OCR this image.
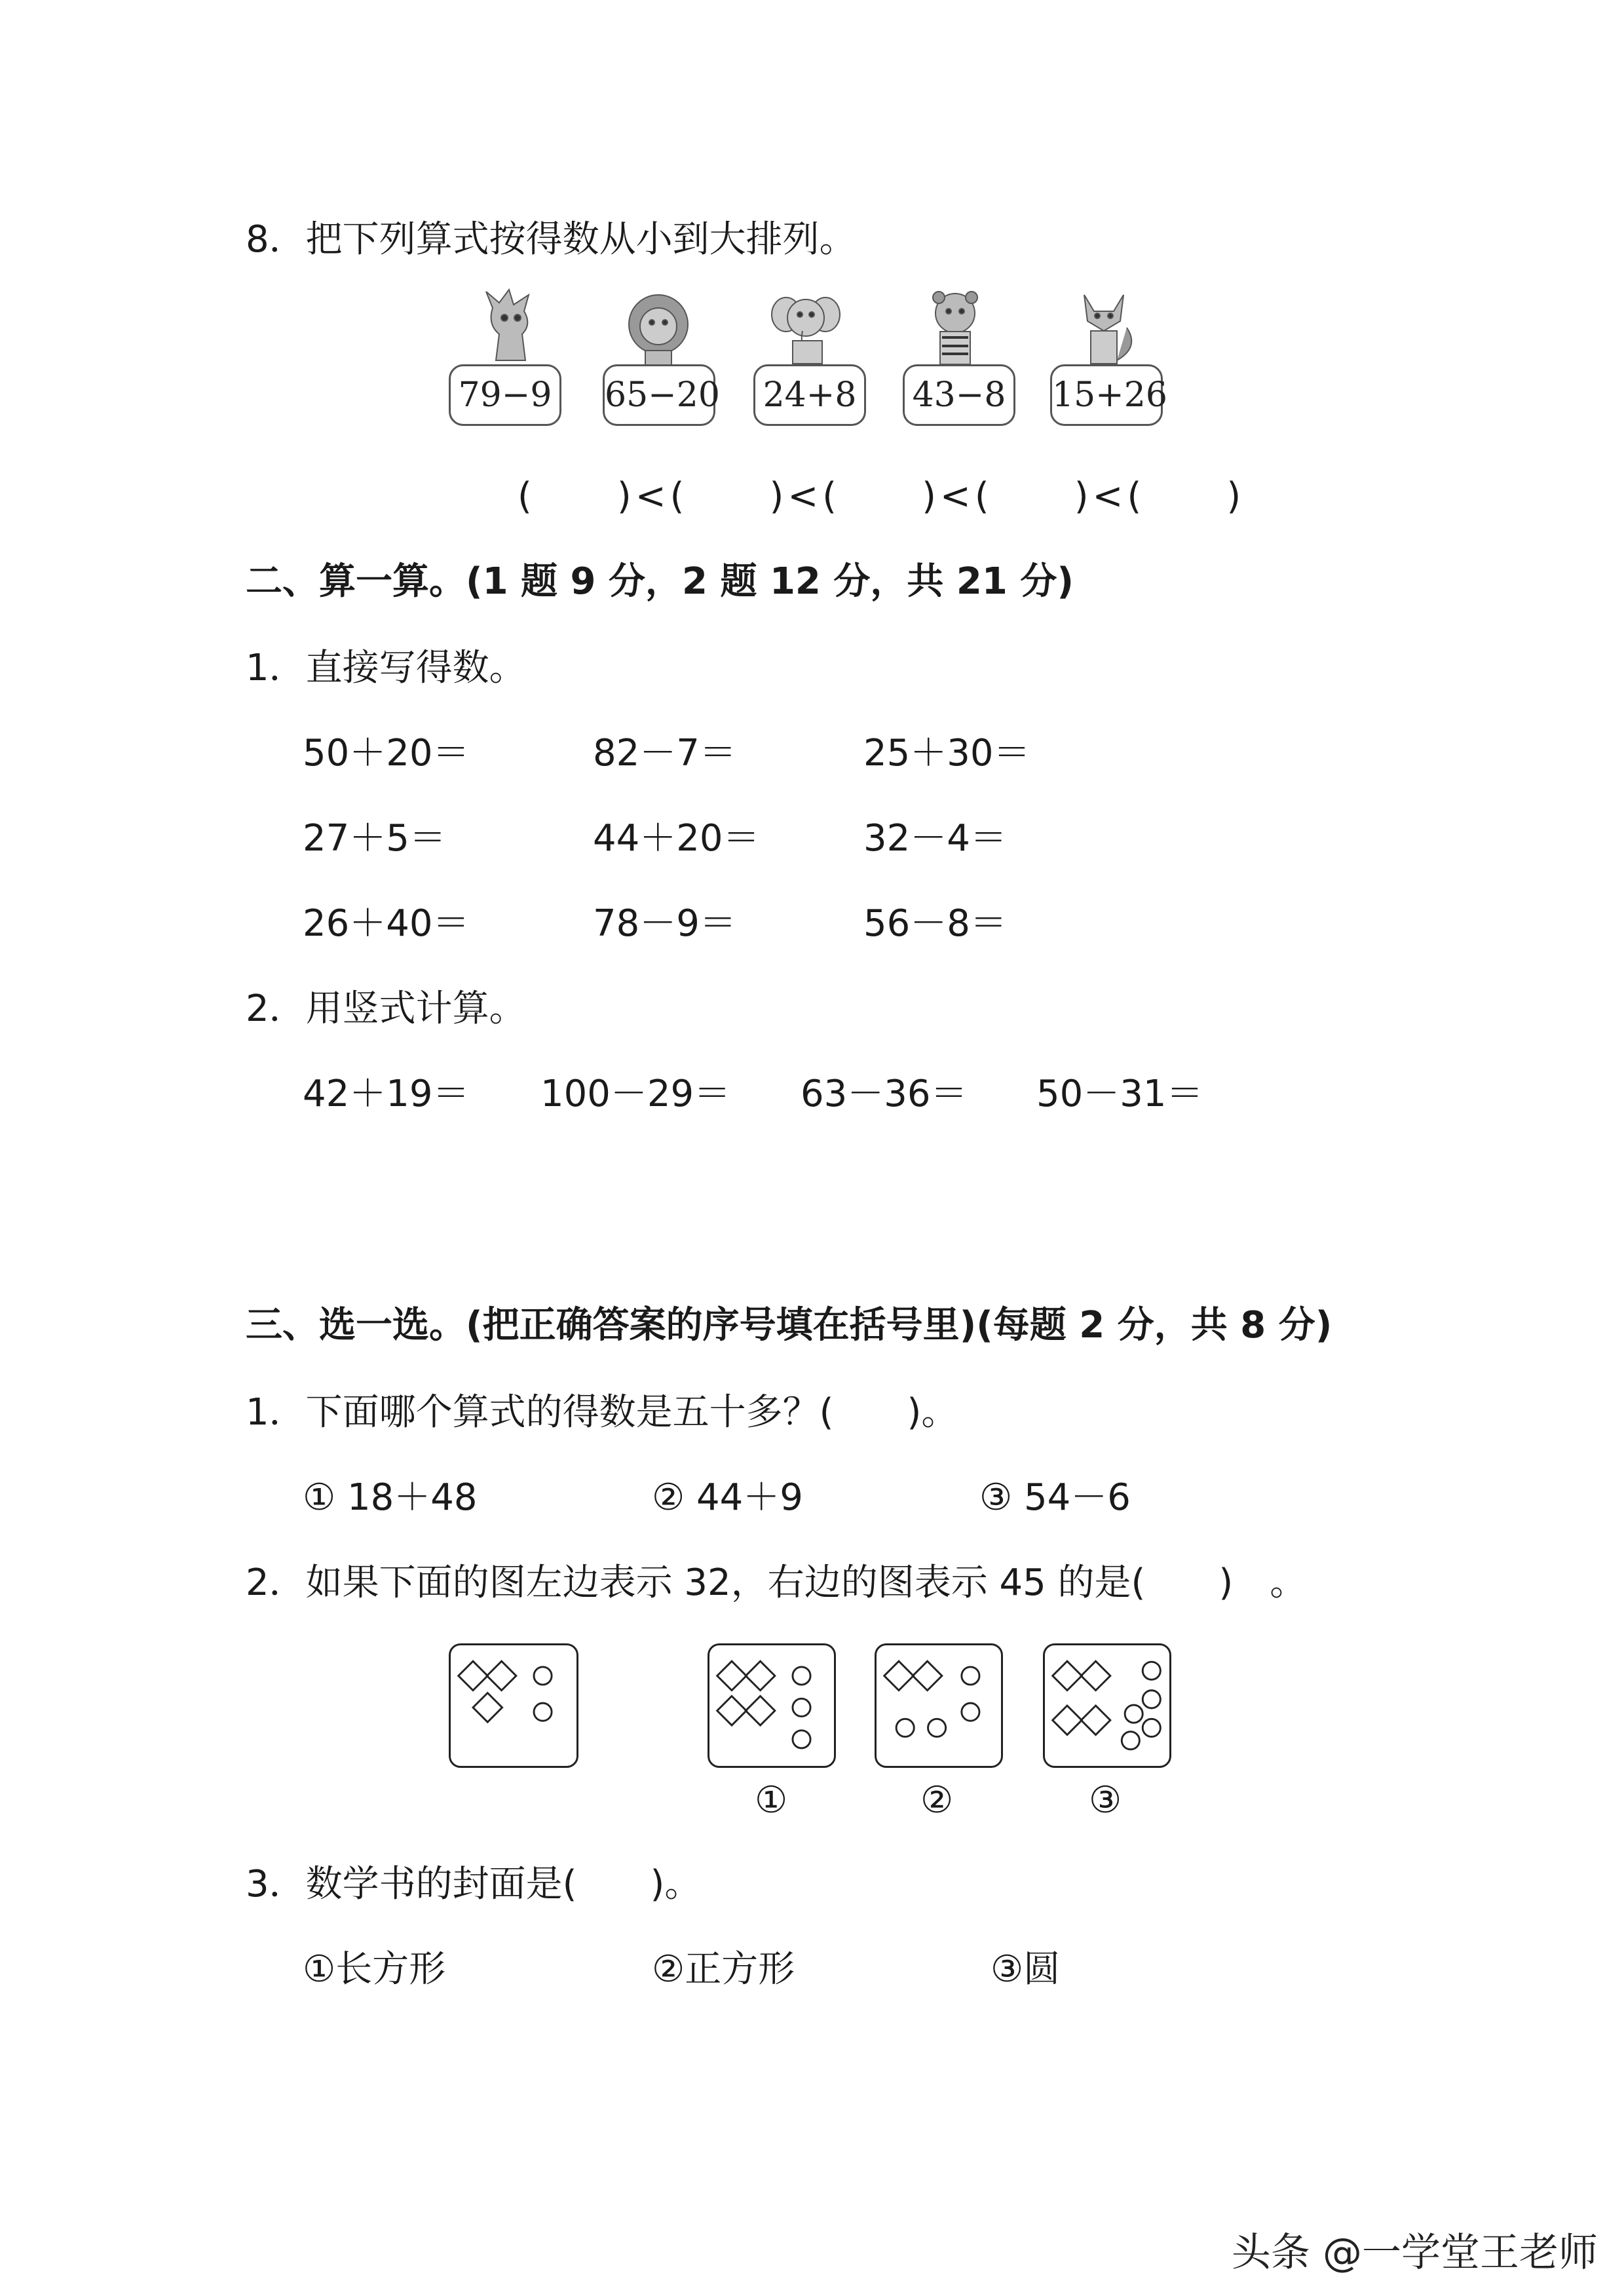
8．把下列算式按得数从小到大排列。
79−9 65−20 24+8 43−8 15+26
(　　)<(　　)<(　　)<(　　)<(　　)
二、算一算。(1 题 9 分，2 题 12 分，共 21 分)
1．直接写得数。
50＋20＝	82－7＝	25＋30＝
27＋5＝	44＋20＝	32－4＝
26＋40＝	78－9＝	56－8＝
2．用竖式计算。
42＋19＝ 100－29＝ 63－36＝ 50－31＝
三、选一选。(把正确答案的序号填在括号里)(每题 2 分，共 8 分)
1．下面哪个算式的得数是五十多？(　　)。
① 18＋48	② 44＋9	③ 54－6
2．如果下面的图左边表示 32，右边的图表示 45 的是(　　)　。
①	②	③
3．数学书的封面是(　　)。
①长方形	②正方形	③圆
头条 @一学堂王老师
